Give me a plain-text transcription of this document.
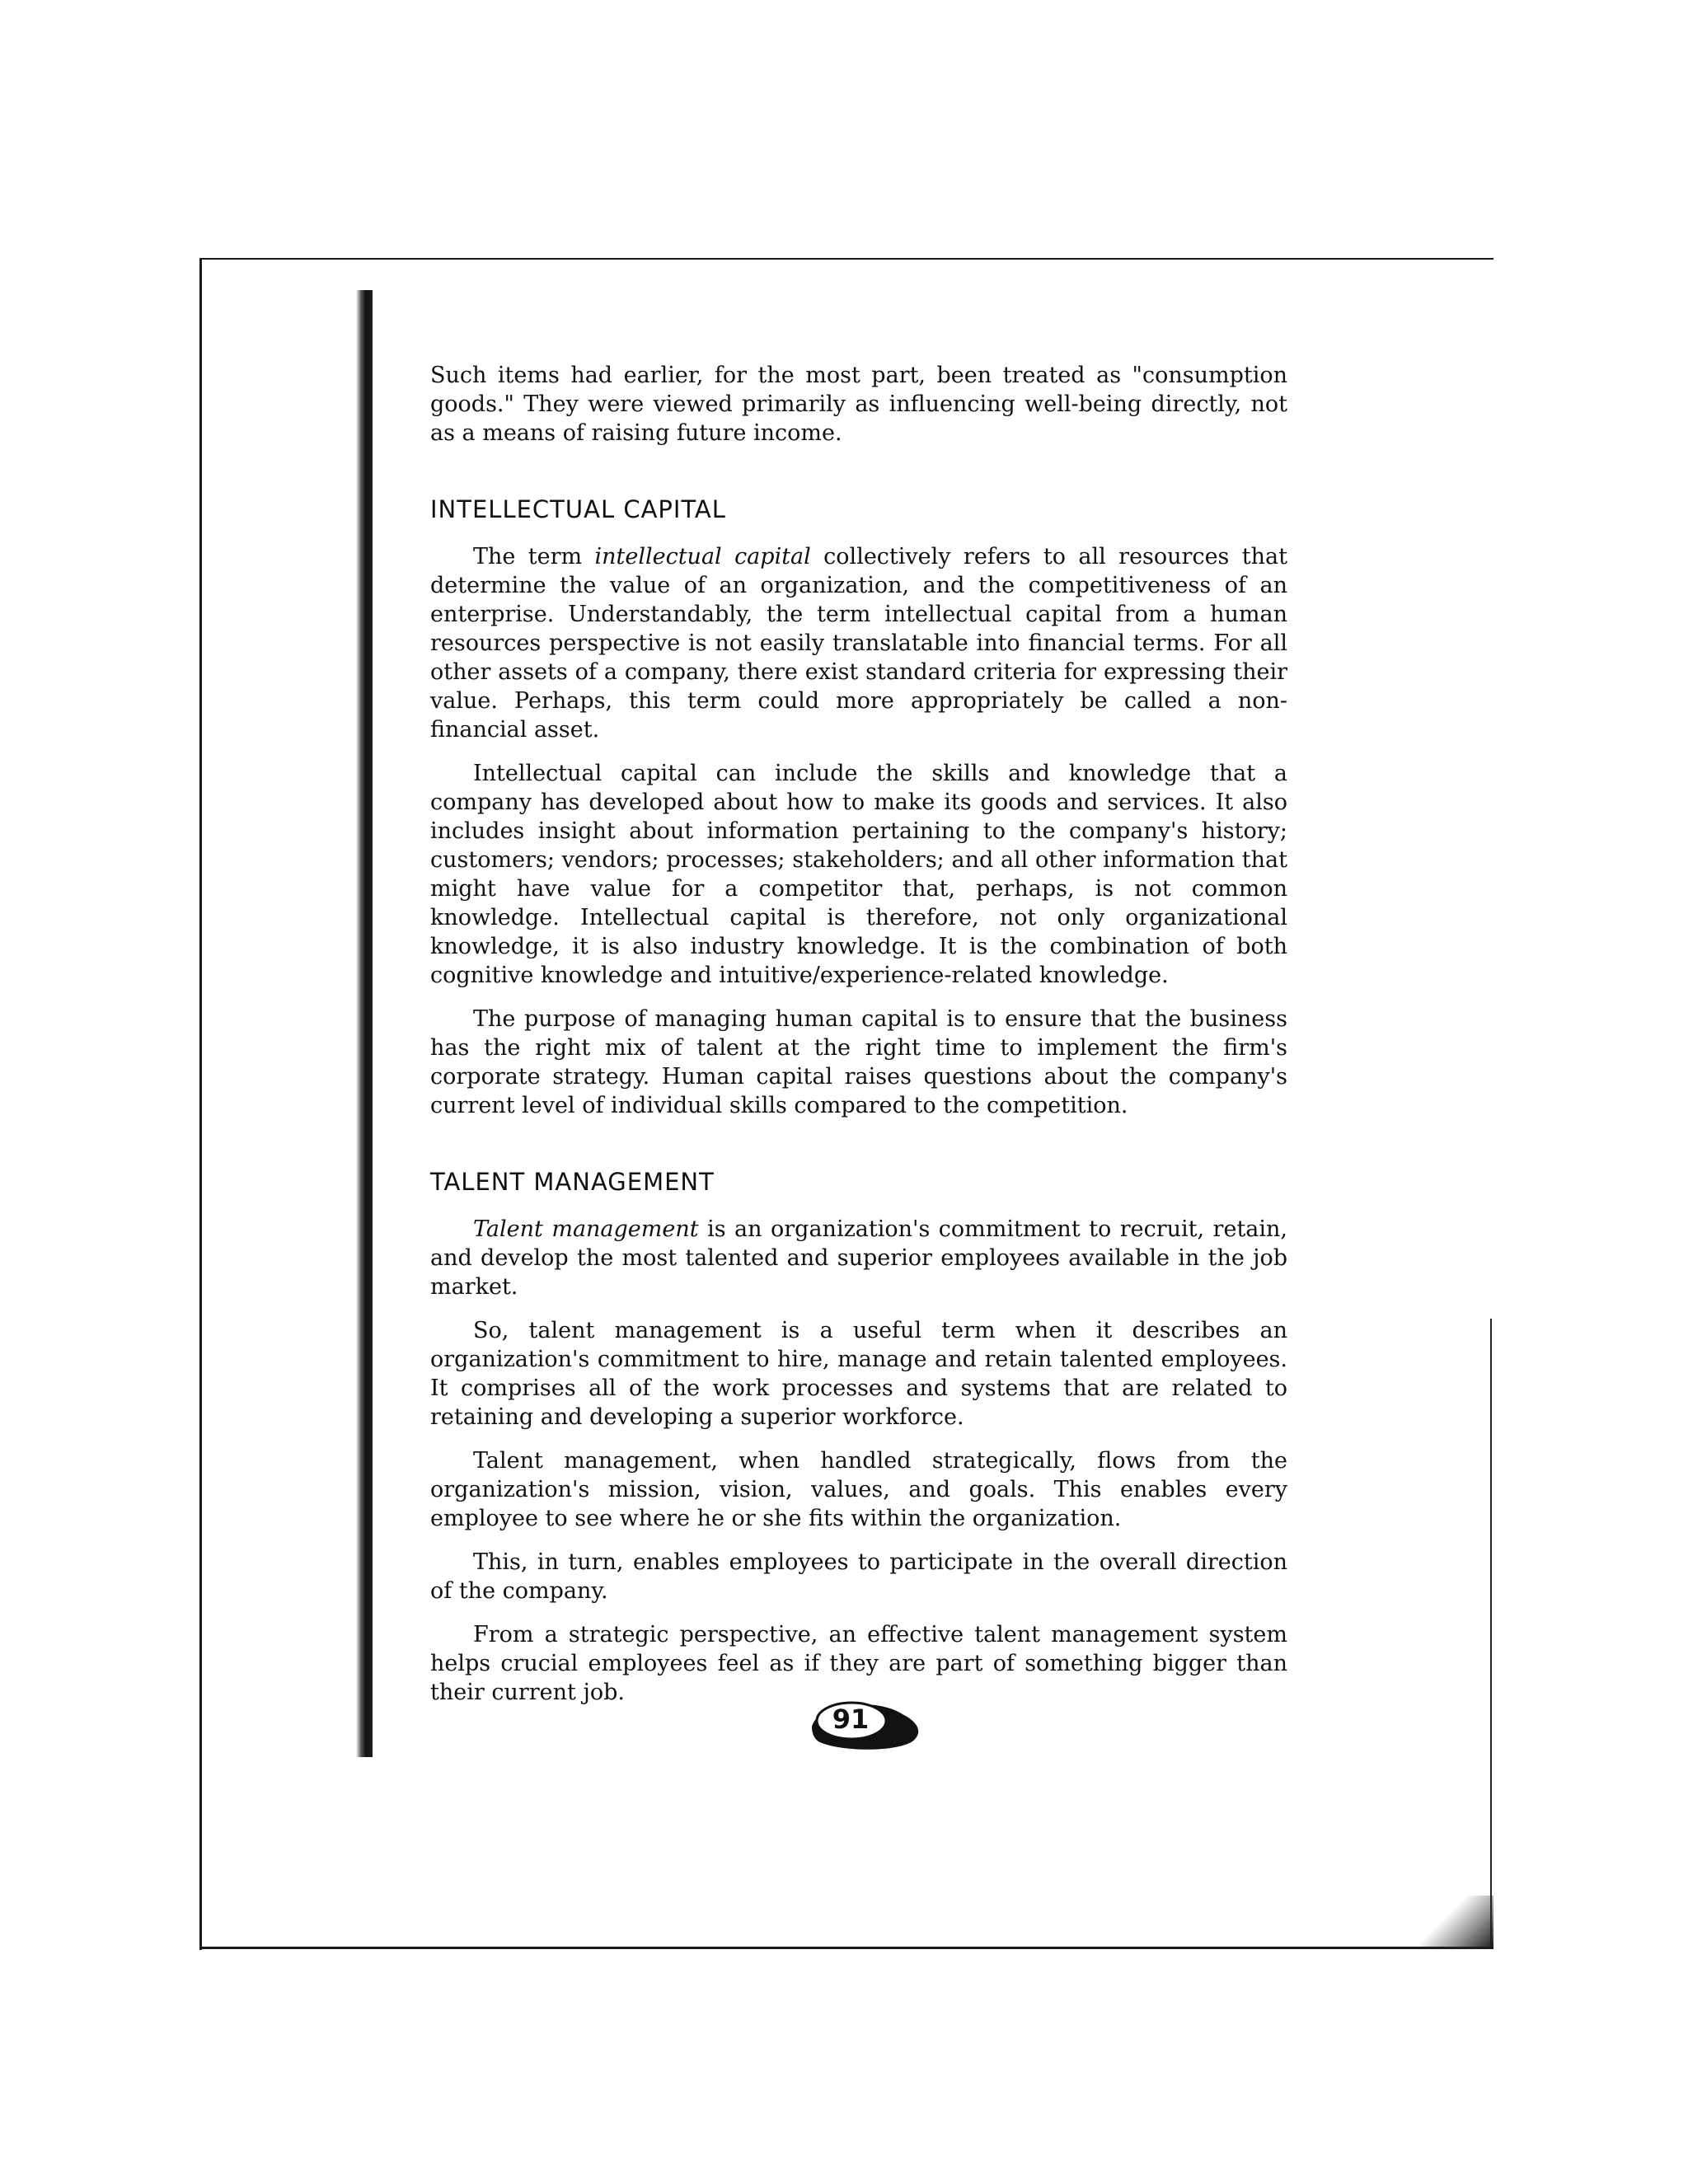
Such items had earlier, for the most part, been treated as "consumption goods." They were viewed primarily as influencing well-being directly, not as a means of raising future income.

INTELLECTUAL CAPITAL

The term intellectual capital collectively refers to all resources that determine the value of an organization, and the competitiveness of an enterprise. Understandably, the term intellectual capital from a human resources perspective is not easily translatable into financial terms. For all other assets of a company, there exist standard criteria for expressing their value. Perhaps, this term could more appropriately be called a non-financial asset.

Intellectual capital can include the skills and knowledge that a company has developed about how to make its goods and services. It also includes insight about information pertaining to the company's history; customers; vendors; processes; stakeholders; and all other information that might have value for a competitor that, perhaps, is not common knowledge. Intellectual capital is therefore, not only organizational knowledge, it is also industry knowledge. It is the combination of both cognitive knowledge and intuitive/experience-related knowledge.

The purpose of managing human capital is to ensure that the business has the right mix of talent at the right time to implement the firm's corporate strategy. Human capital raises questions about the company's current level of individual skills compared to the competition.

TALENT MANAGEMENT

Talent management is an organization's commitment to recruit, retain, and develop the most talented and superior employees available in the job market.

So, talent management is a useful term when it describes an organization's commitment to hire, manage and retain talented employees. It comprises all of the work processes and systems that are related to retaining and developing a superior workforce.

Talent management, when handled strategically, flows from the organization's mission, vision, values, and goals. This enables every employee to see where he or she fits within the organization.

This, in turn, enables employees to participate in the overall direction of the company.

From a strategic perspective, an effective talent management system helps crucial employees feel as if they are part of something bigger than their current job.

91
